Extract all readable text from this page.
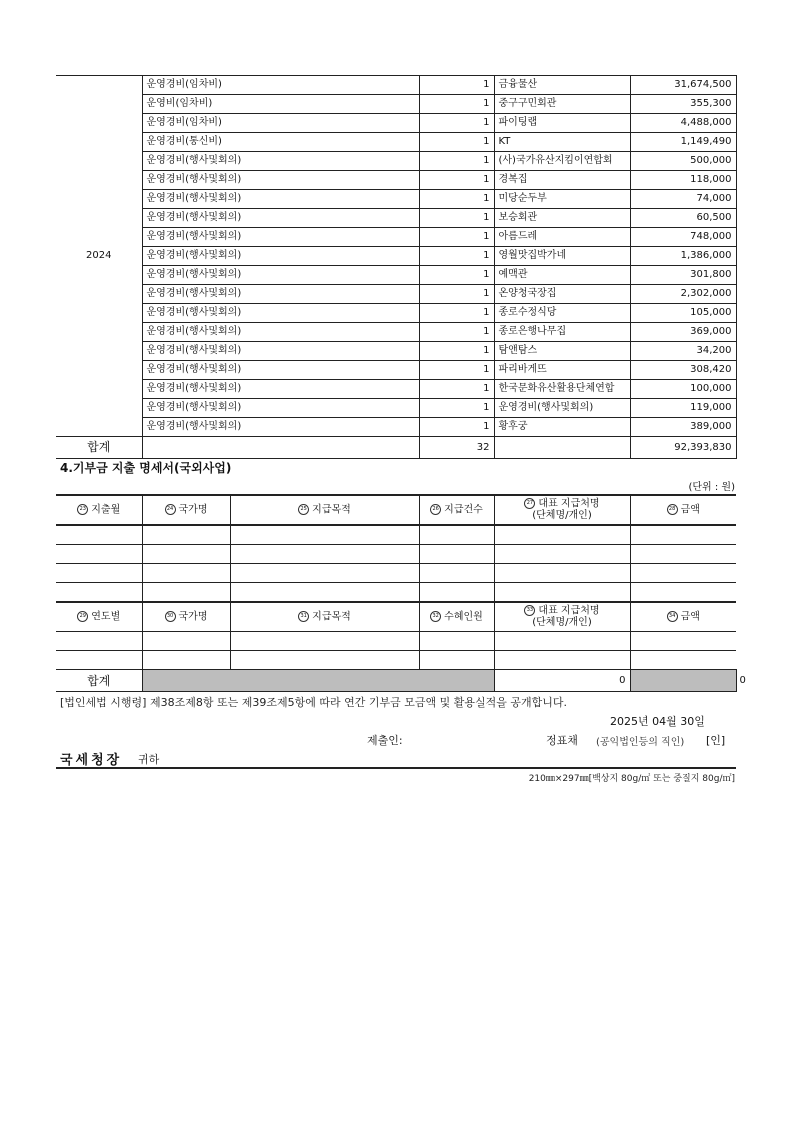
2024	운영경비(임차비)	1	금융물산	31,674,500
	운영비(임차비)	1	중구구민회관	355,300
	운영경비(임차비)	1	파이팅랩	4,488,000
	운영경비(통신비)	1	KT	1,149,490
	운영경비(행사및회의)	1	(사)국가유산지킴이연합회	500,000
	운영경비(행사및회의)	1	경복집	118,000
	운영경비(행사및회의)	1	미당순두부	74,000
	운영경비(행사및회의)	1	보승회관	60,500
	운영경비(행사및회의)	1	아름드레	748,000
	운영경비(행사및회의)	1	영월맛집박가네	1,386,000
	운영경비(행사및회의)	1	예맥관	301,800
	운영경비(행사및회의)	1	온양청국장집	2,302,000
	운영경비(행사및회의)	1	종로수정식당	105,000
	운영경비(행사및회의)	1	종로은행나무집	369,000
	운영경비(행사및회의)	1	탐앤탐스	34,200
	운영경비(행사및회의)	1	파리바게뜨	308,420
	운영경비(행사및회의)	1	한국문화유산활용단체연합	100,000
	운영경비(행사및회의)	1	운영경비(행사및회의)	119,000
	운영경비(행사및회의)	1	황후궁	389,000
합계		32		92,393,830
4.기부금 지출 명세서(국외사업)
(단위 : 원)
23 지출월	24 국가명	25 지급목적	26 지급건수	27 대표 지급처명
(단체명/개인)	28 금액	

29 연도별	30 국가명	31 지급목적	32 수혜인원	33 대표 지급처명
(단체명/개인)	34 금액	

합계				0		0
[법인세법 시행령] 제38조제8항 또는 제39조제5항에 따라 연간 기부금 모금액 및 활용실적을 공개합니다.
2025년 04월 30일
제출인:	정표채 (공익법인등의 직인) [인]
국세청장 귀하
210㎜×297㎜[백상지 80g/㎡ 또는 중질지 80g/㎡]
